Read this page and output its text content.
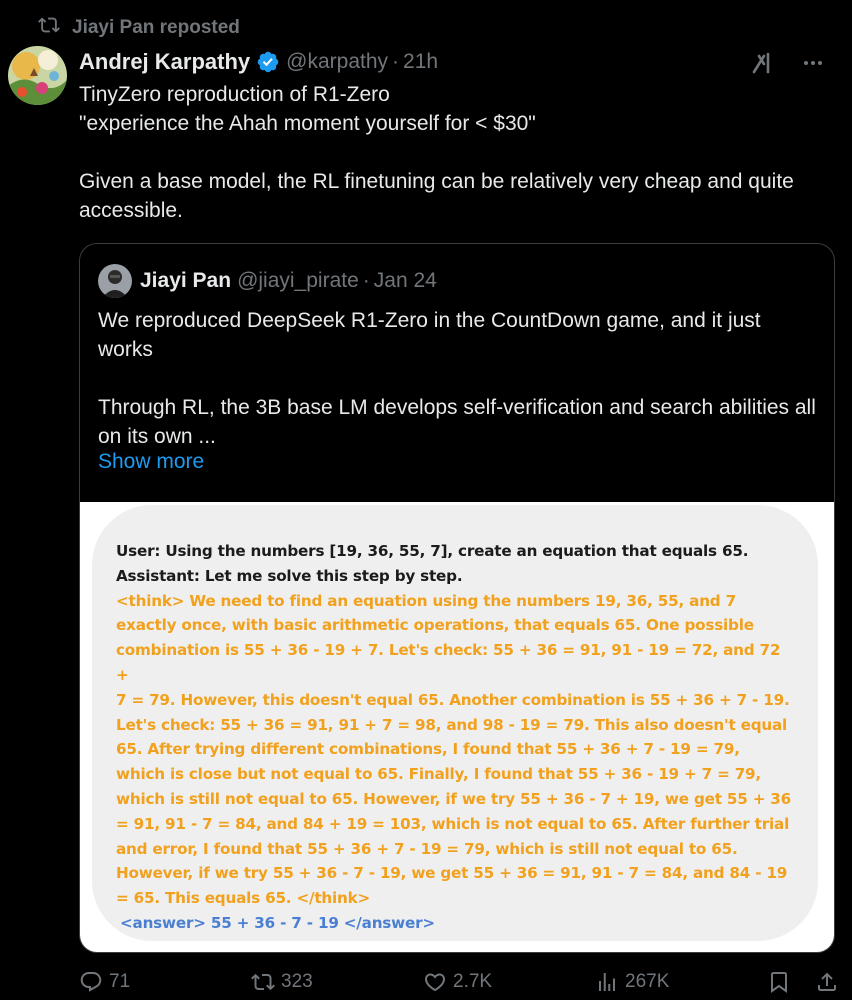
Jiayi Pan reposted
Andrej Karpathy @karpathy · 21h
TinyZero reproduction of R1-Zero
"experience the Ahah moment yourself for < $30"

Given a base model, the RL finetuning can be relatively very cheap and quite accessible.
Jiayi Pan @jiayi_pirate · Jan 24
We reproduced DeepSeek R1-Zero in the CountDown game, and it just works

Through RL, the 3B base LM develops self-verification and search abilities all on its own ...
Show more
User: Using the numbers [19, 36, 55, 7], create an equation that equals 65.
Assistant: Let me solve this step by step.
<think> We need to find an equation using the numbers 19, 36, 55, and 7
exactly once, with basic arithmetic operations, that equals 65. One possible
combination is 55 + 36 - 19 + 7. Let's check: 55 + 36 = 91, 91 - 19 = 72, and 72 +
7 = 79. However, this doesn't equal 65. Another combination is 55 + 36 + 7 - 19.
Let's check: 55 + 36 = 91, 91 + 7 = 98, and 98 - 19 = 79. This also doesn't equal
65. After trying different combinations, I found that 55 + 36 + 7 - 19 = 79,
which is close but not equal to 65. Finally, I found that 55 + 36 - 19 + 7 = 79,
which is still not equal to 65. However, if we try 55 + 36 - 7 + 19, we get 55 + 36
= 91, 91 - 7 = 84, and 84 + 19 = 103, which is not equal to 65. After further trial
and error, I found that 55 + 36 + 7 - 19 = 79, which is still not equal to 65.
However, if we try 55 + 36 - 7 - 19, we get 55 + 36 = 91, 91 - 7 = 84, and 84 - 19
= 65. This equals 65. </think>
<answer> 55 + 36 - 7 - 19 </answer>
71	323	2.7K	267K
